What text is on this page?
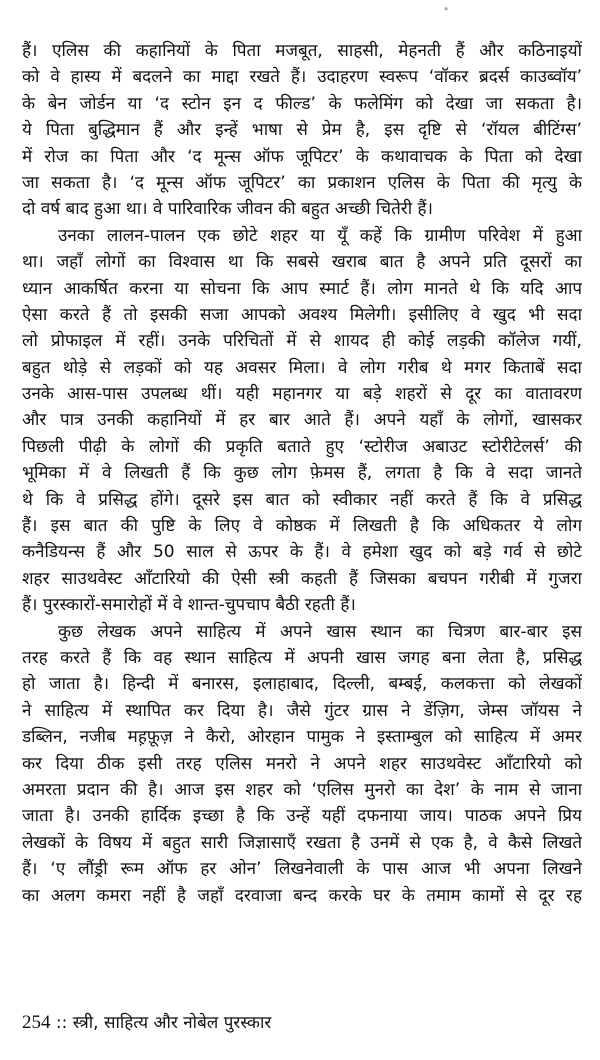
॰
हैं। एलिस की कहानियों के पिता मजबूत, साहसी, मेहनती हैं और कठिनाइयों
को वे हास्य में बदलने का माद्दा रखते हैं। उदाहरण स्वरूप ‘वॉकर ब्रदर्स काउब्वॉय’
के बेन जोर्डन या ‘द स्टोन इन द फील्ड’ के फलेमिंग को देखा जा सकता है।
ये पिता बुद्धिमान हैं और इन्हें भाषा से प्रेम है, इस दृष्टि से ‘रॉयल बीटिंग्स’
में रोज का पिता और ‘द मून्स ऑफ जूपिटर’ के कथावाचक के पिता को देखा
जा सकता है। ‘द मून्स ऑफ जूपिटर’ का प्रकाशन एलिस के पिता की मृत्यु के
दो वर्ष बाद हुआ था। वे पारिवारिक जीवन की बहुत अच्छी चितेरी हैं।
उनका लालन-पालन एक छोटे शहर या यूँ कहें कि ग्रामीण परिवेश में हुआ
था। जहाँ लोगों का विश्वास था कि सबसे खराब बात है अपने प्रति दूसरों का
ध्यान आकर्षित करना या सोचना कि आप स्मार्ट हैं। लोग मानते थे कि यदि आप
ऐसा करते हैं तो इसकी सजा आपको अवश्य मिलेगी। इसीलिए वे खुद भी सदा
लो प्रोफाइल में रहीं। उनके परिचितों में से शायद ही कोई लड़की कॉलेज गयीं,
बहुत थोड़े से लड़कों को यह अवसर मिला। वे लोग गरीब थे मगर किताबें सदा
उनके आस-पास उपलब्ध थीं। यही महानगर या बड़े शहरों से दूर का वातावरण
और पात्र उनकी कहानियों में हर बार आते हैं। अपने यहाँ के लोगों, खासकर
पिछली पीढ़ी के लोगों की प्रकृति बताते हुए ‘स्टोरीज अबाउट स्टोरीटेलर्स’ की
भूमिका में वे लिखती हैं कि कुछ लोग फ़ेमस हैं, लगता है कि वे सदा जानते
थे कि वे प्रसिद्ध होंगे। दूसरे इस बात को स्वीकार नहीं करते हैं कि वे प्रसिद्ध
हैं। इस बात की पुष्टि के लिए वे कोष्ठक में लिखती है कि अधिकतर ये लोग
कनैडियन्स हैं और 50 साल से ऊपर के हैं। वे हमेशा खुद को बड़े गर्व से छोटे
शहर साउथवेस्ट ऑंटारियो की ऐसी स्त्री कहती हैं जिसका बचपन गरीबी में गुजरा
हैं। पुरस्कारों-समारोहों में वे शान्त-चुपचाप बैठी रहती हैं।
कुछ लेखक अपने साहित्य में अपने खास स्थान का चित्रण बार-बार इस
तरह करते हैं कि वह स्थान साहित्य में अपनी खास जगह बना लेता है, प्रसिद्ध
हो जाता है। हिन्दी में बनारस, इलाहाबाद, दिल्ली, बम्बई, कलकत्ता को लेखकों
ने साहित्य में स्थापित कर दिया है। जैसे गुंटर ग्रास ने डेंज़िग, जेम्स जॉयस ने
डब्लिन, नजीब मह़फ़ूज़ ने कैरो, ओरहान पामुक ने इस्ताम्बुल को साहित्य में अमर
कर दिया ठीक इसी तरह एलिस मनरो ने अपने शहर साउथवेस्ट ऑंटारियो को
अमरता प्रदान की है। आज इस शहर को ‘एलिस मुनरो का देश’ के नाम से जाना
जाता है। उनकी हार्दिक इच्छा है कि उन्हें यहीं दफनाया जाय। पाठक अपने प्रिय
लेखकों के विषय में बहुत सारी जिज्ञासाएँ रखता है उनमें से एक है, वे कैसे लिखते
हैं। ‘ए लौंड्री रूम ऑफ हर ओन’ लिखनेवाली के पास आज भी अपना लिखने
का अलग कमरा नहीं है जहाँ दरवाजा बन्द करके घर के तमाम कामों से दूर रह
254 :: स्त्री, साहित्य और नोबेल पुरस्कार
